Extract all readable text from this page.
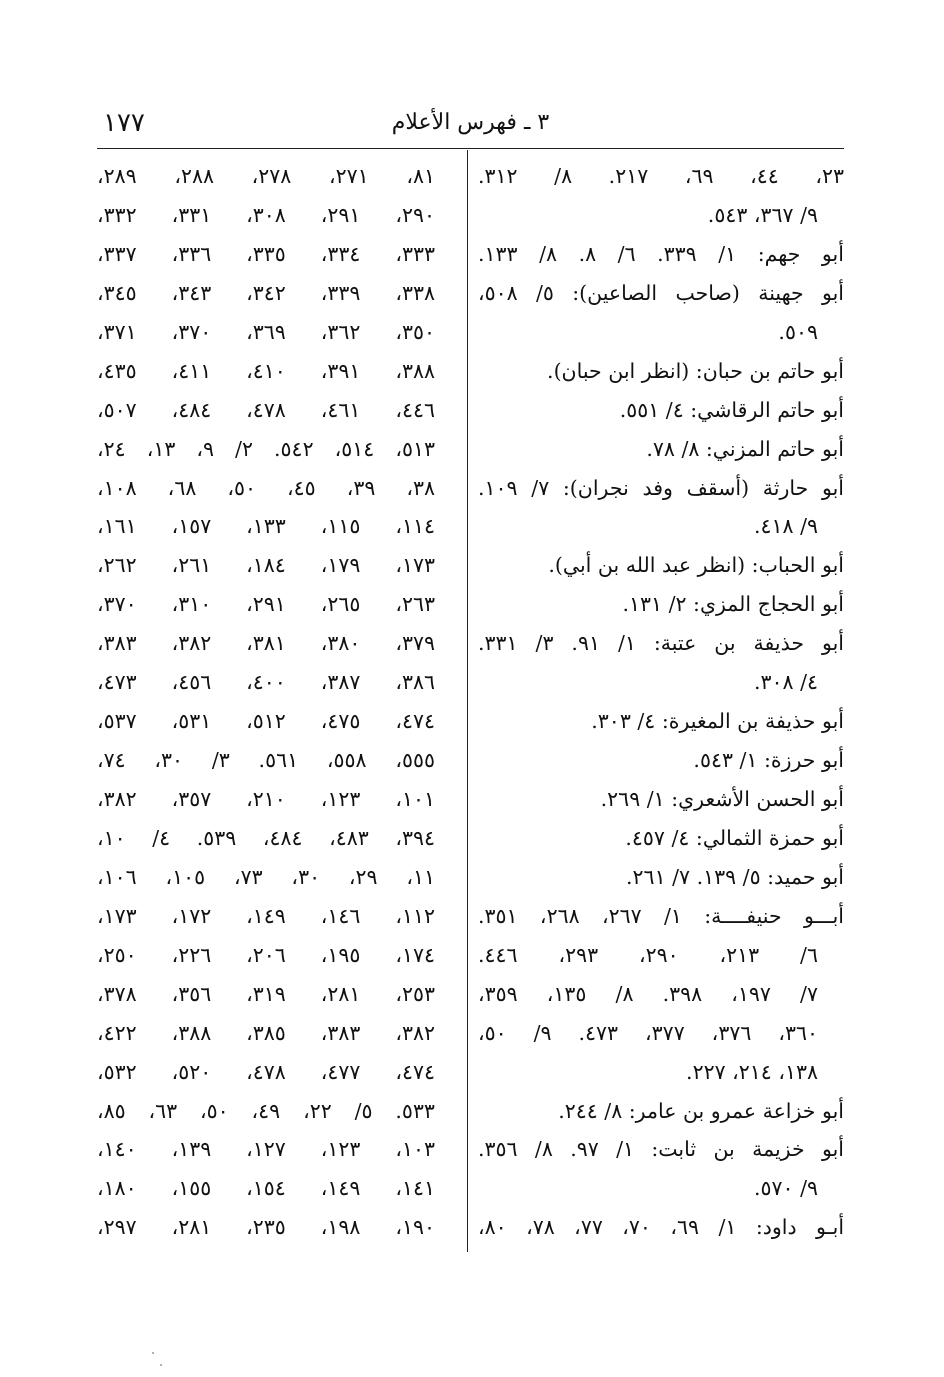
١٧٧	٣ ـ فهرس الأعلام
٢٣، ٤٤، ٦٩، ٢١٧. ٨/ ٣١٢.
٩/ ٣٦٧، ٥٤٣.
أبو جهم: ١/ ٣٣٩. ٦/ ٨. ٨/ ١٣٣.
أبو جهينة (صاحب الصاعين): ٥/ ٥٠٨،
٥٠٩.
أبو حاتم بن حبان: (انظر ابن حبان).
أبو حاتم الرقاشي: ٤/ ٥٥١.
أبو حاتم المزني: ٨/ ٧٨.
أبو حارثة (أسقف وفد نجران): ٧/ ١٠٩.
٩/ ٤١٨.
أبو الحباب: (انظر عبد الله بن أبي).
أبو الحجاج المزي: ٢/ ١٣١.
أبو حذيفة بن عتبة: ١/ ٩١. ٣/ ٣٣١.
٤/ ٣٠٨.
أبو حذيفة بن المغيرة: ٤/ ٣٠٣.
أبو حرزة: ١/ ٥٤٣.
أبو الحسن الأشعري: ١/ ٢٦٩.
أبو حمزة الثمالي: ٤/ ٤٥٧.
أبو حميد: ٥/ ١٣٩. ٧/ ٢٦١.
أبـــو حنيفــــة: ١/ ٢٦٧، ٢٦٨، ٣٥١.
٦/ ٢١٣، ٢٩٠، ٢٩٣، ٤٤٦.
٧/ ١٩٧، ٣٩٨. ٨/ ١٣٥، ٣٥٩،
٣٦٠، ٣٧٦، ٣٧٧، ٤٧٣. ٩/ ٥٠،
١٣٨، ٢١٤، ٢٢٧.
أبو خزاعة عمرو بن عامر: ٨/ ٢٤٤.
أبو خزيمة بن ثابت: ١/ ٩٧. ٨/ ٣٥٦.
٩/ ٥٧٠.
أبـو داود: ١/ ٦٩، ٧٠، ٧٧، ٧٨، ٨٠،
٨١، ٢٧١، ٢٧٨، ٢٨٨، ٢٨٩،
٢٩٠، ٢٩١، ٣٠٨، ٣٣١، ٣٣٢،
٣٣٣، ٣٣٤، ٣٣٥، ٣٣٦، ٣٣٧،
٣٣٨، ٣٣٩، ٣٤٢، ٣٤٣، ٣٤٥،
٣٥٠، ٣٦٢، ٣٦٩، ٣٧٠، ٣٧١،
٣٨٨، ٣٩١، ٤١٠، ٤١١، ٤٣٥،
٤٤٦، ٤٦١، ٤٧٨، ٤٨٤، ٥٠٧،
٥١٣، ٥١٤، ٥٤٢. ٢/ ٩، ١٣، ٢٤،
٣٨، ٣٩، ٤٥، ٥٠، ٦٨، ١٠٨،
١١٤، ١١٥، ١٣٣، ١٥٧، ١٦١،
١٧٣، ١٧٩، ١٨٤، ٢٦١، ٢٦٢،
٢٦٣، ٢٦٥، ٢٩١، ٣١٠، ٣٧٠،
٣٧٩، ٣٨٠، ٣٨١، ٣٨٢، ٣٨٣،
٣٨٦، ٣٨٧، ٤٠٠، ٤٥٦، ٤٧٣،
٤٧٤، ٤٧٥، ٥١٢، ٥٣١، ٥٣٧،
٥٥٥، ٥٥٨، ٥٦١. ٣/ ٣٠، ٧٤،
١٠١، ١٢٣، ٢١٠، ٣٥٧، ٣٨٢،
٣٩٤، ٤٨٣، ٤٨٤، ٥٣٩. ٤/ ١٠،
١١، ٢٩، ٣٠، ٧٣، ١٠٥، ١٠٦،
١١٢، ١٤٦، ١٤٩، ١٧٢، ١٧٣،
١٧٤، ١٩٥، ٢٠٦، ٢٢٦، ٢٥٠،
٢٥٣، ٢٨١، ٣١٩، ٣٥٦، ٣٧٨،
٣٨٢، ٣٨٣، ٣٨٥، ٣٨٨، ٤٢٢،
٤٧٤، ٤٧٧، ٤٧٨، ٥٢٠، ٥٣٢،
٥٣٣. ٥/ ٢٢، ٤٩، ٥٠، ٦٣، ٨٥،
١٠٣، ١٢٣، ١٢٧، ١٣٩، ١٤٠،
١٤١، ١٤٩، ١٥٤، ١٥٥، ١٨٠،
١٩٠، ١٩٨، ٢٣٥، ٢٨١، ٢٩٧،
